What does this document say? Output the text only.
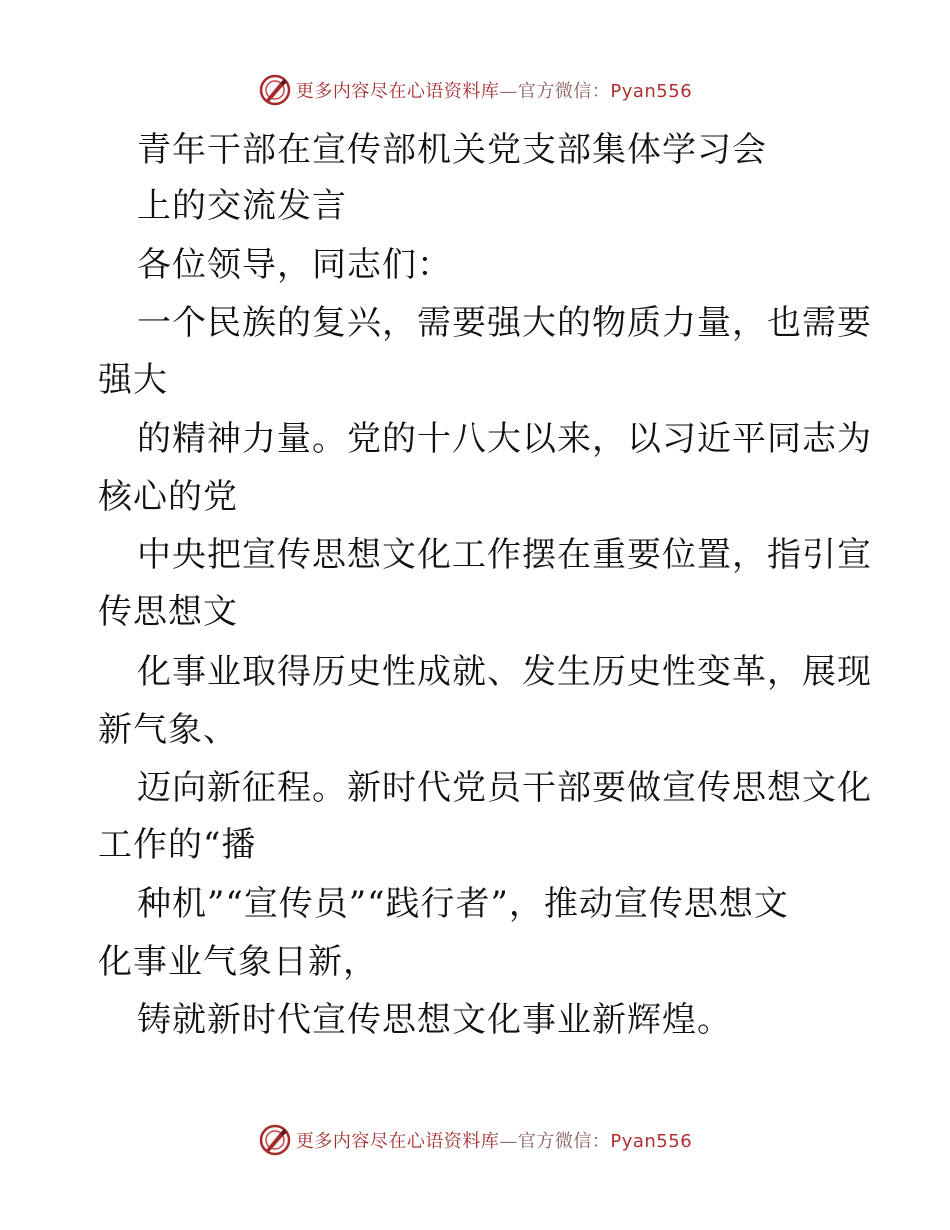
更多内容尽在心语资料库—官方微信：Pyan556
青年干部在宣传部机关党支部集体学习会
上的交流发言
各位领导，同志们：
一个民族的复兴，需要强大的物质力量，也需要
强大
的精神力量。党的十八大以来，以习近平同志为
核心的党
中央把宣传思想文化工作摆在重要位置，指引宣
传思想文
化事业取得历史性成就、发生历史性变革，展现
新气象、
迈向新征程。新时代党员干部要做宣传思想文化
工作的“播
种机”“宣传员”“践行者”，推动宣传思想文
化事业气象日新，
铸就新时代宣传思想文化事业新辉煌。
更多内容尽在心语资料库—官方微信：Pyan556
